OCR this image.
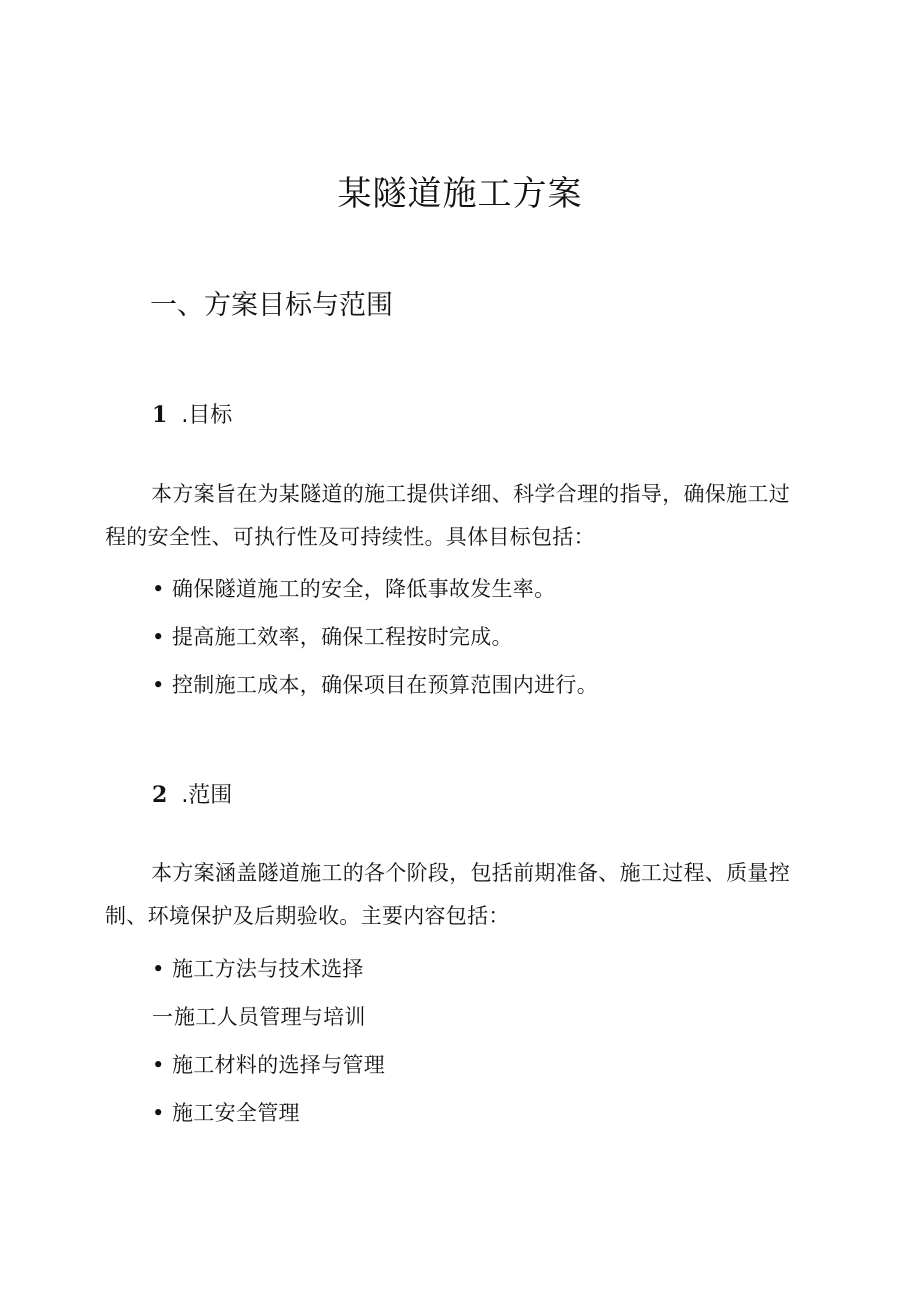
某隧道施工方案
一、方案目标与范围
1 .目标

本方案旨在为某隧道的施工提供详细、科学合理的指导，确保施工过程的安全性、可执行性及可持续性。具体目标包括：

• 确保隧道施工的安全，降低事故发生率。
• 提高施工效率，确保工程按时完成。
• 控制施工成本，确保项目在预算范围内进行。
2 .范围

本方案涵盖隧道施工的各个阶段，包括前期准备、施工过程、质量控制、环境保护及后期验收。主要内容包括：

• 施工方法与技术选择
一施工人员管理与培训
• 施工材料的选择与管理
• 施工安全管理
